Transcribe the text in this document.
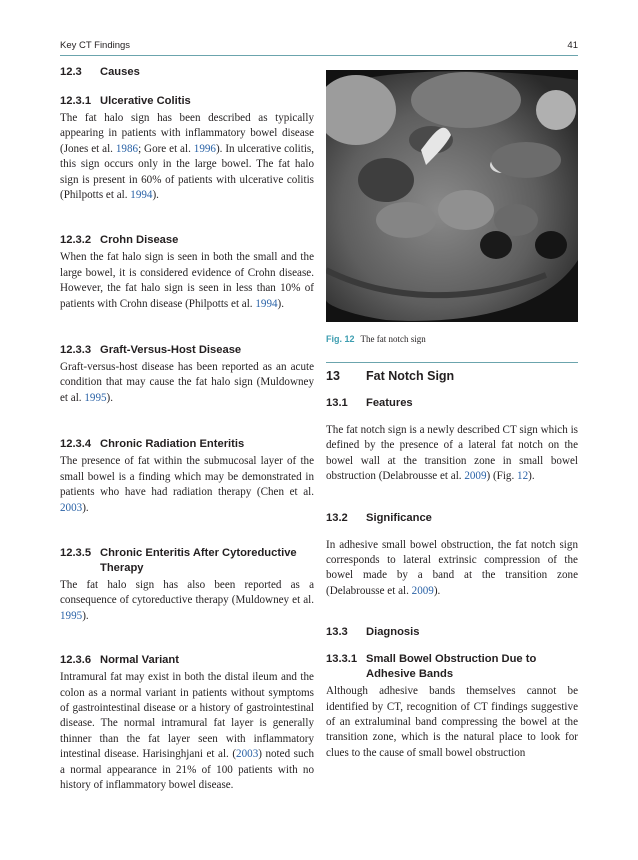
Key CT Findings	41
12.3	Causes
12.3.1 Ulcerative Colitis

The fat halo sign has been described as typically appearing in patients with inflammatory bowel disease (Jones et al. 1986; Gore et al. 1996). In ulcerative colitis, this sign occurs only in the large bowel. The fat halo sign is present in 60% of patients with ulcerative colitis (Philpotts et al. 1994).

12.3.2 Crohn Disease

When the fat halo sign is seen in both the small and the large bowel, it is considered evidence of Crohn disease. However, the fat halo sign is seen in less than 10% of patients with Crohn disease (Philpotts et al. 1994).

12.3.3 Graft-Versus-Host Disease

Graft-versus-host disease has been reported as an acute condition that may cause the fat halo sign (Muldowney et al. 1995).

12.3.4 Chronic Radiation Enteritis

The presence of fat within the submucosal layer of the small bowel is a finding which may be demonstrated in patients who have had radiation therapy (Chen et al. 2003).

12.3.5 Chronic Enteritis After Cytoreductive Therapy

The fat halo sign has also been reported as a consequence of cytoreductive therapy (Muldowney et al. 1995).

12.3.6 Normal Variant

Intramural fat may exist in both the distal ileum and the colon as a normal variant in patients without symptoms of gastrointestinal disease or a history of gastrointestinal disease. The normal intramural fat layer is generally thinner than the fat layer seen with inflammatory intestinal disease. Harisinghjani et al. (2003) noted such a normal appearance in 21% of 100 patients with no history of inflammatory bowel disease.

Fig. 12 The fat notch sign
13	Fat Notch Sign
13.1	Features

The fat notch sign is a newly described CT sign which is defined by the presence of a lateral fat notch on the bowel wall at the transition zone in small bowel obstruction (Delabrousse et al. 2009) (Fig. 12).

13.2	Significance

In adhesive small bowel obstruction, the fat notch sign corresponds to lateral extrinsic compression of the bowel made by a band at the transition zone (Delabrousse et al. 2009).

13.3	Diagnosis
13.3.1 Small Bowel Obstruction Due to Adhesive Bands

Although adhesive bands themselves cannot be identified by CT, recognition of CT findings suggestive of an extraluminal band compressing the bowel at the transition zone, which is the natural place to look for clues to the cause of small bowel obstruction
